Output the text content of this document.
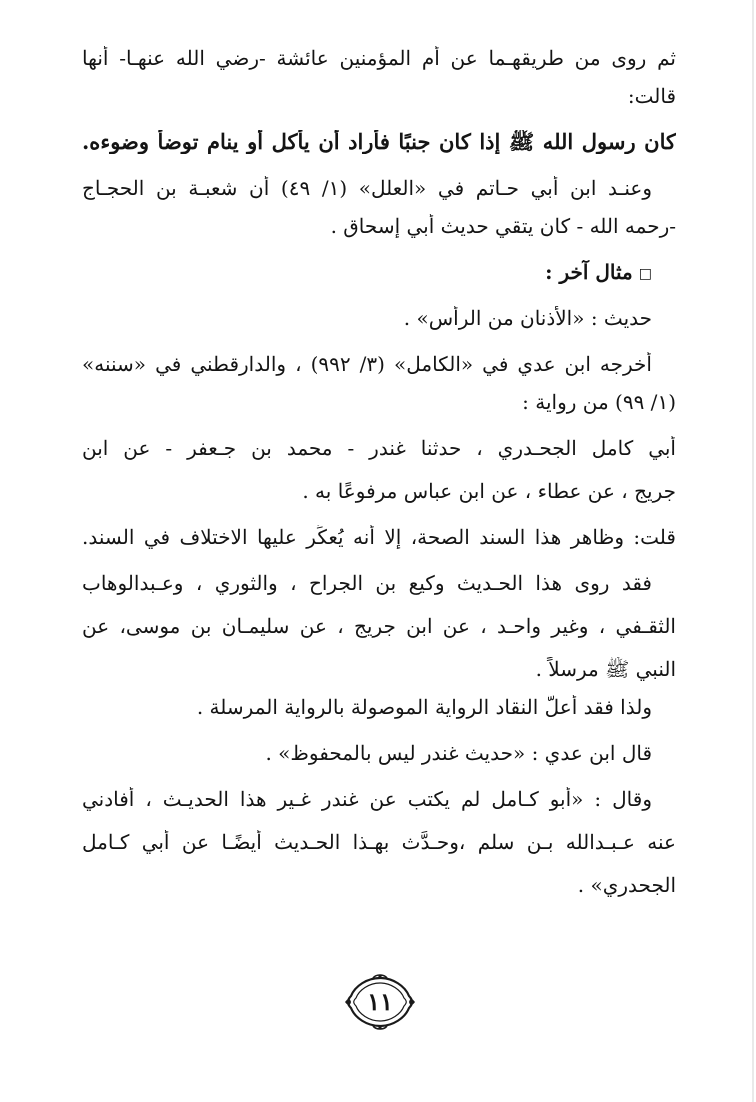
ثم روى من طريقهـما عن أم المؤمنين عائشة -رضي الله عنهـا- أنها
قالت:
كان رسول الله ﷺ إذا كان جنبًا فأراد أن يأكل أو ينام توضأ وضوءه.
وعنـد ابن أبي حـاتم في «العلل» (١/ ٤٩) أن شعبـة بن الحجـاج
-رحمه الله - كان يتقي حديث أبي إسحاق .
□مثال آخر :
حديث : «الأذنان من الرأس» .
أخرجه ابن عدي في «الكامل» (٣/ ٩٩٢) ، والدارقطني في «سننه»
(١/ ٩٩) من رواية :
أبي كامل الجحـدري ، حدثنا غندر - محمد بن جـعفر - عن ابن
جريج ، عن عطاء ، عن ابن عباس مرفوعًا به .
قلت: وظاهر هذا السند الصحة، إلا أنه يُعكِّر عليها الاختلاف في السند.
فقد روى هذا الحـديث وكيع بن الجراح ، والثوري ، وعـبدالوهاب
الثقـفي ، وغير واحـد ، عن ابن جريج ، عن سليمـان بن موسى، عن
النبي ﷺ مرسلاً .
ولذا فقد أعلَّ النقاد الرواية الموصولة بالرواية المرسلة .
قال ابن عدي : «حديث غندر ليس بالمحفوظ» .
وقال : «أبو كـامل لم يكتب عن غندر غـير هذا الحديـث ، أفادني
عنه عـبـدالله بـن سلم ،وحـدَّث بهـذا الحـديث أيضًـا عن أبي كـامل
الجحدري» .
١١
